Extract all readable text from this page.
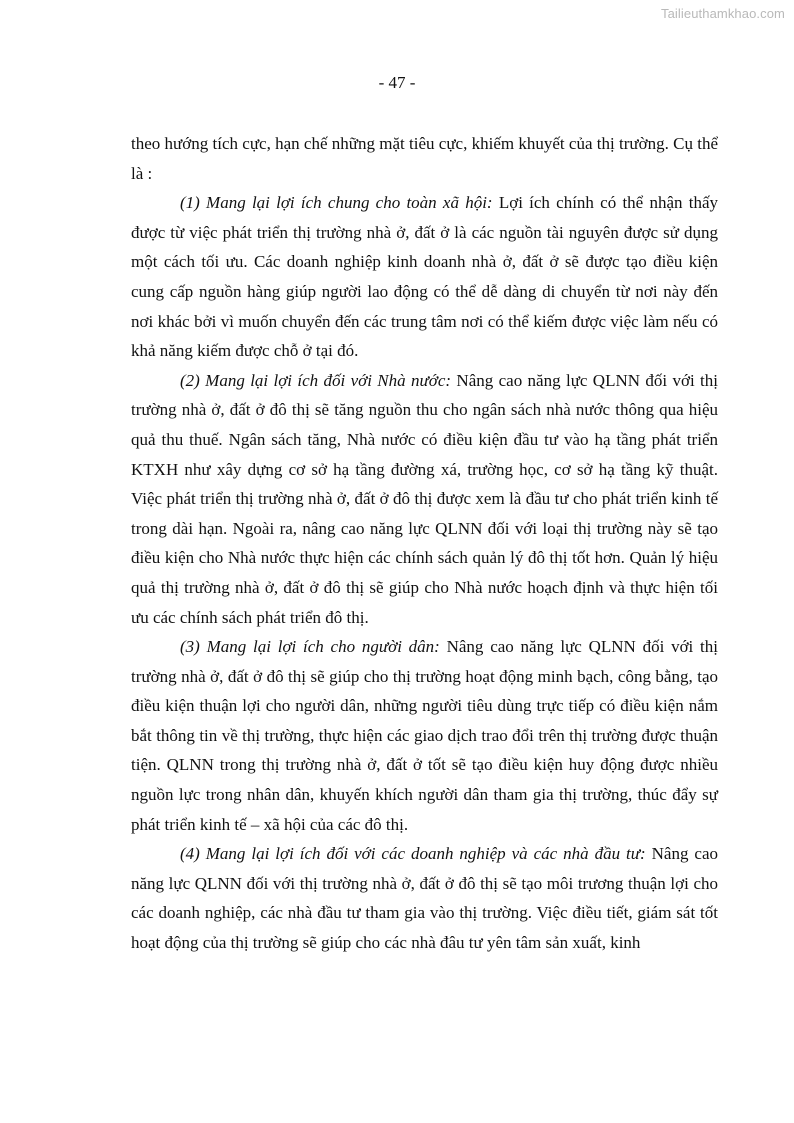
Tailieuthamkhao.com
- 47 -

theo hướng tích cực, hạn chế những mặt tiêu cực, khiếm khuyết của thị trường. Cụ thể là :

(1) Mang lại lợi ích chung cho toàn xã hội: Lợi ích chính có thể nhận thấy được từ việc phát triển thị trường nhà ở, đất ở là các nguồn tài nguyên được sử dụng một cách tối ưu. Các doanh nghiệp kinh doanh nhà ở, đất ở sẽ được tạo điều kiện cung cấp nguồn hàng giúp người lao động có thể dễ dàng di chuyển từ nơi này đến nơi khác bởi vì muốn chuyển đến các trung tâm nơi có thể kiếm được việc làm nếu có khả năng kiếm được chỗ ở tại đó.

(2) Mang lại lợi ích đối với Nhà nước: Nâng cao năng lực QLNN đối với thị trường nhà ở, đất ở đô thị sẽ tăng nguồn thu cho ngân sách nhà nước thông qua hiệu quả thu thuế. Ngân sách tăng, Nhà nước có điều kiện đầu tư vào hạ tầng phát triển KTXH như xây dựng cơ sở hạ tầng đường xá, trường học, cơ sở hạ tầng kỹ thuật. Việc phát triển thị trường nhà ở, đất ở đô thị được xem là đầu tư cho phát triển kinh tế trong dài hạn. Ngoài ra, nâng cao năng lực QLNN đối với loại thị trường này sẽ tạo điều kiện cho Nhà nước thực hiện các chính sách quản lý đô thị tốt hơn. Quản lý hiệu quả thị trường nhà ở, đất ở đô thị sẽ giúp cho Nhà nước hoạch định và thực hiện tối ưu các chính sách phát triển đô thị.

(3) Mang lại lợi ích cho người dân: Nâng cao năng lực QLNN đối với thị trường nhà ở, đất ở đô thị sẽ giúp cho thị trường hoạt động minh bạch, công bằng, tạo điều kiện thuận lợi cho người dân, những người tiêu dùng trực tiếp có điều kiện nắm bắt thông tin về thị trường, thực hiện các giao dịch trao đổi trên thị trường được thuận tiện. QLNN trong thị trường nhà ở, đất ở tốt sẽ tạo điều kiện huy động được nhiều nguồn lực trong nhân dân, khuyến khích người dân tham gia thị trường, thúc đẩy sự phát triển kinh tế – xã hội của các đô thị.

(4) Mang lại lợi ích đối với các doanh nghiệp và các nhà đầu tư: Nâng cao năng lực QLNN đối với thị trường nhà ở, đất ở đô thị sẽ tạo môi trương thuận lợi cho các doanh nghiệp, các nhà đầu tư tham gia vào thị trường. Việc điều tiết, giám sát tốt hoạt động của thị trường sẽ giúp cho các nhà đâu tư yên tâm sản xuất, kinh
